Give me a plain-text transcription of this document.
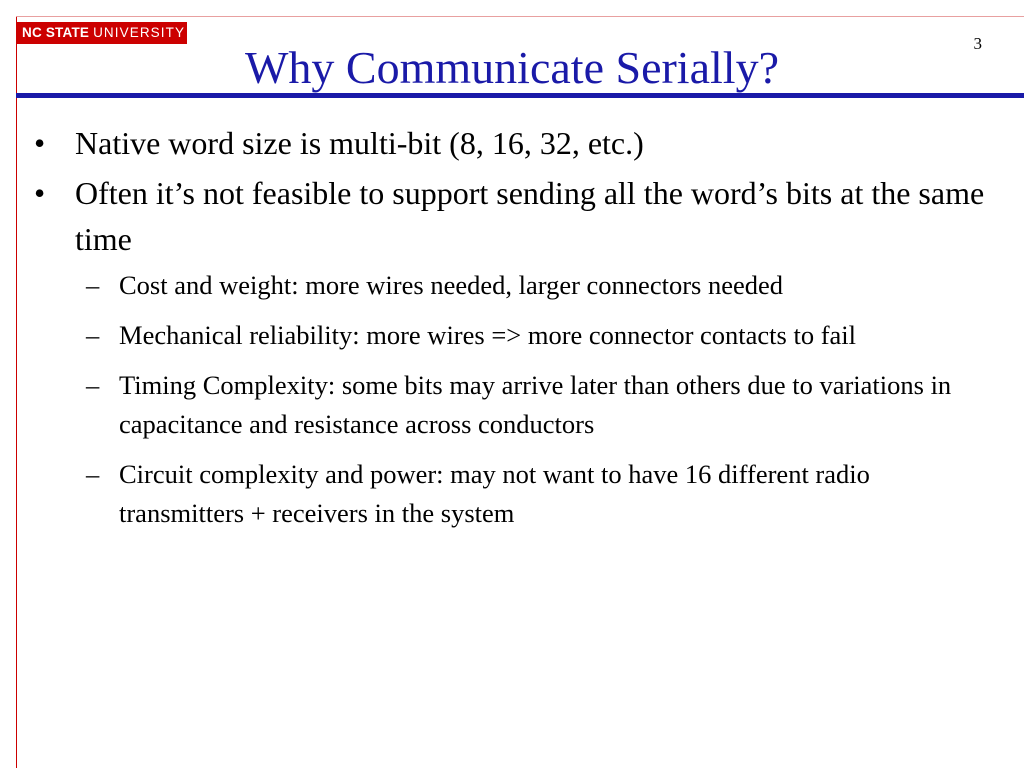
NC STATE UNIVERSITY
3
Why Communicate Serially?
• Native word size is multi-bit (8, 16, 32, etc.)
• Often it’s not feasible to support sending all the word’s bits at the same time
– Cost and weight: more wires needed, larger connectors needed
– Mechanical reliability: more wires => more connector contacts to fail
– Timing Complexity: some bits may arrive later than others due to variations in capacitance and resistance across conductors
– Circuit complexity and power: may not want to have 16 different radio transmitters + receivers in the system
